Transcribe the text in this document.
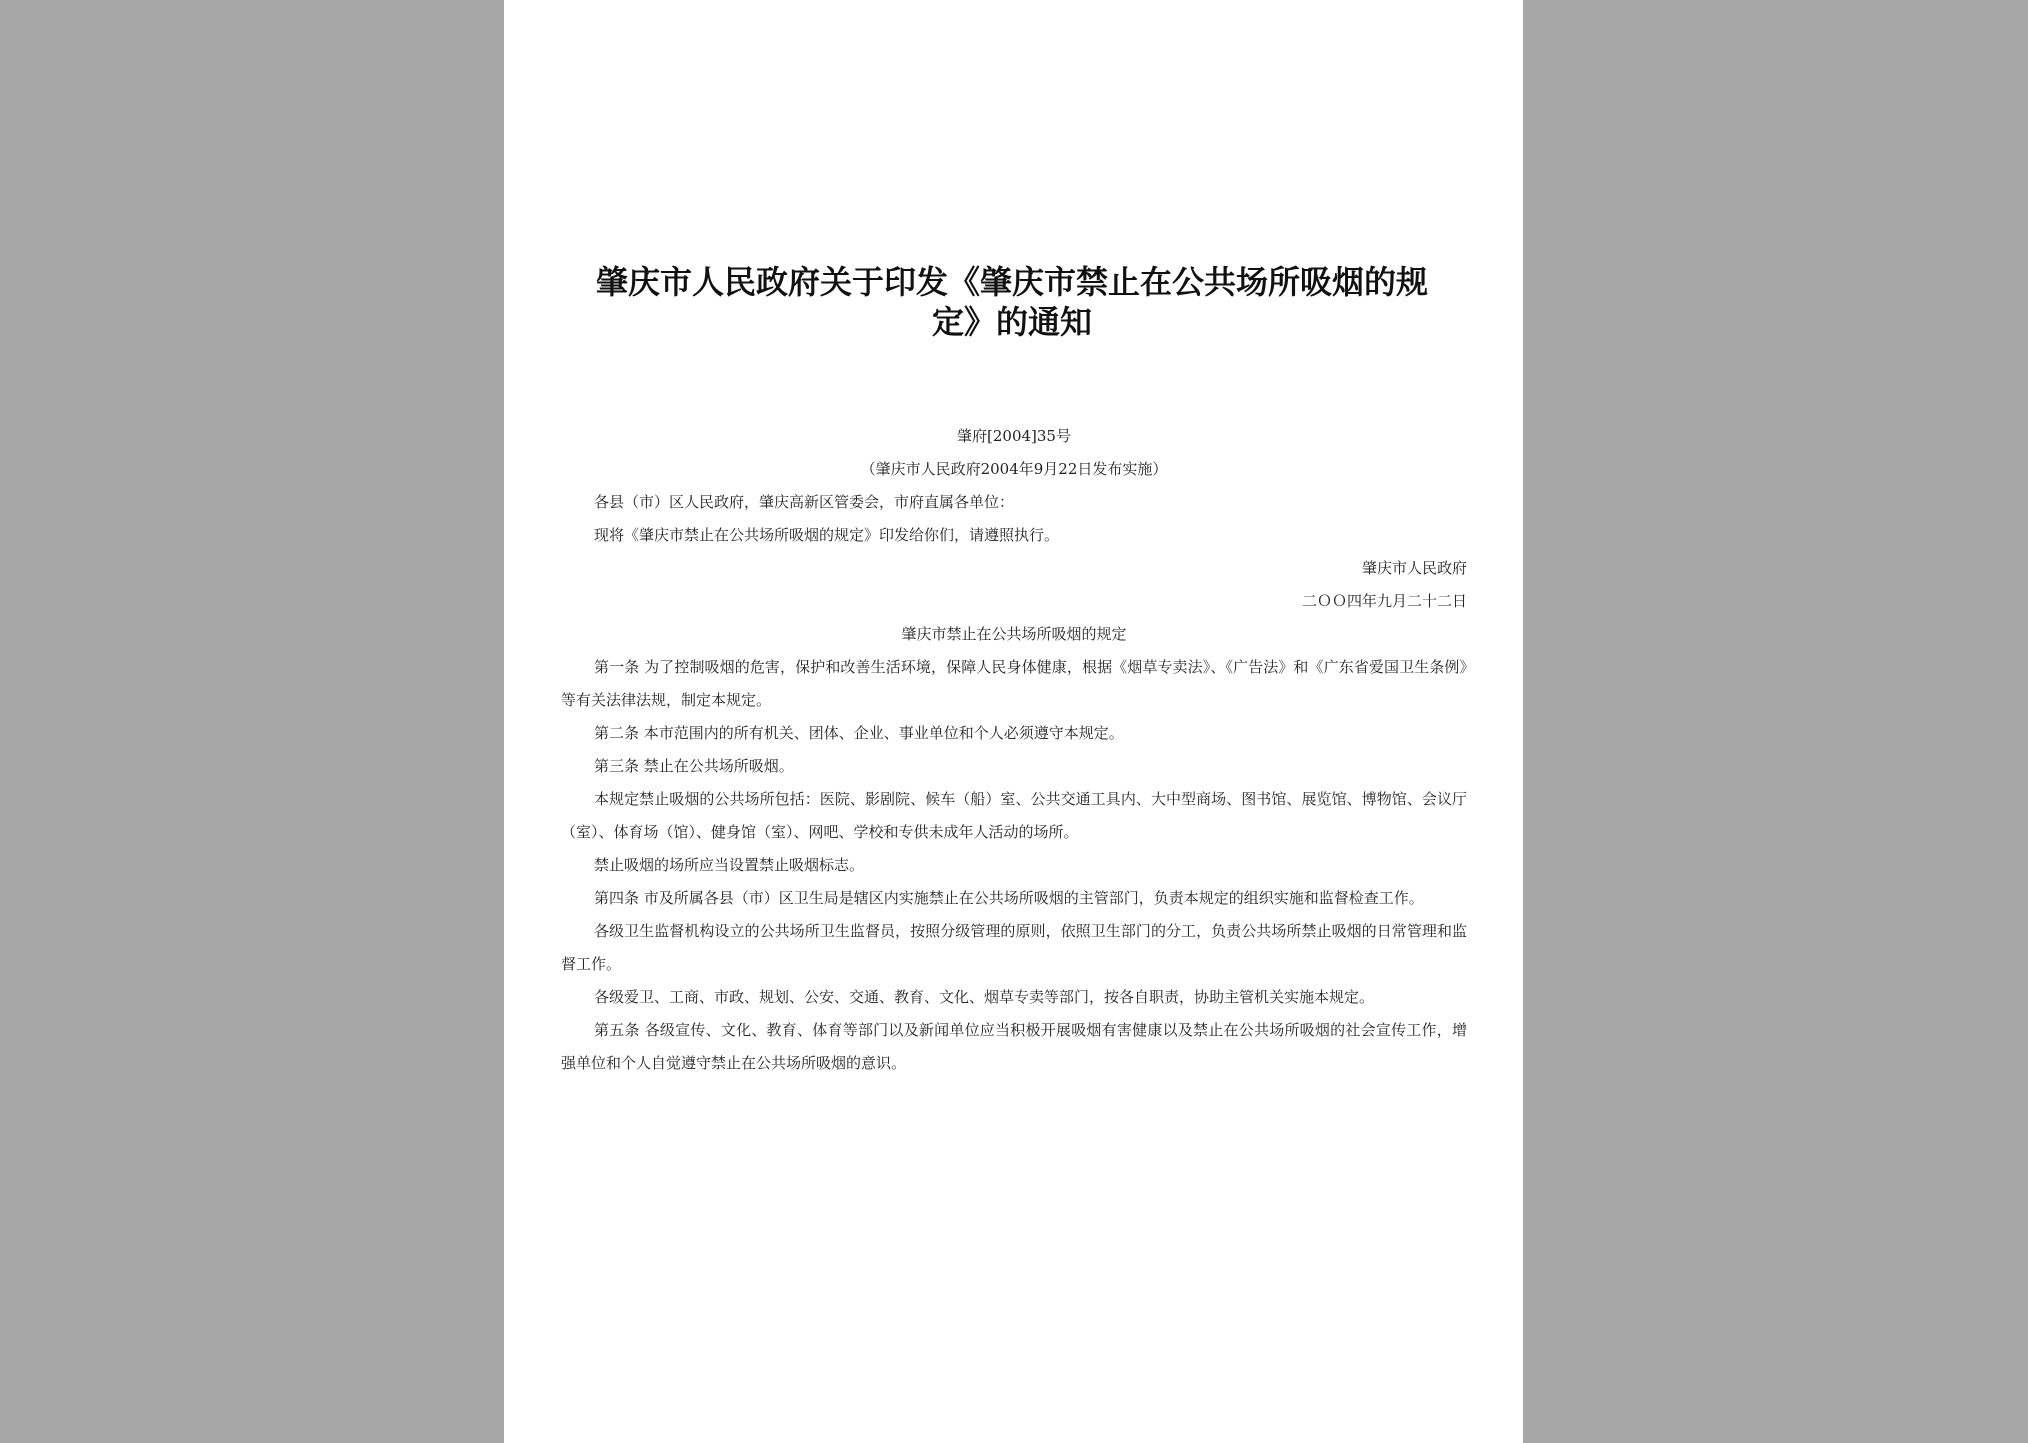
肇庆市人民政府关于印发《肇庆市禁止在公共场所吸烟的规定》的通知

肇府[2004]35号

（肇庆市人民政府2004年9月22日发布实施）

各县（市）区人民政府，肇庆高新区管委会，市府直属各单位：

现将《肇庆市禁止在公共场所吸烟的规定》印发给你们，请遵照执行。

肇庆市人民政府

二ＯＯ四年九月二十二日

肇庆市禁止在公共场所吸烟的规定

第一条 为了控制吸烟的危害，保护和改善生活环境，保障人民身体健康，根据《烟草专卖法》、《广告法》和《广东省爱国卫生条例》等有关法律法规，制定本规定。

第二条 本市范围内的所有机关、团体、企业、事业单位和个人必须遵守本规定。

第三条 禁止在公共场所吸烟。

本规定禁止吸烟的公共场所包括：医院、影剧院、候车（船）室、公共交通工具内、大中型商场、图书馆、展览馆、博物馆、会议厅（室）、体育场（馆）、健身馆（室）、网吧、学校和专供未成年人活动的场所。

禁止吸烟的场所应当设置禁止吸烟标志。

第四条 市及所属各县（市）区卫生局是辖区内实施禁止在公共场所吸烟的主管部门，负责本规定的组织实施和监督检查工作。

各级卫生监督机构设立的公共场所卫生监督员，按照分级管理的原则，依照卫生部门的分工，负责公共场所禁止吸烟的日常管理和监督工作。

各级爱卫、工商、市政、规划、公安、交通、教育、文化、烟草专卖等部门，按各自职责，协助主管机关实施本规定。

第五条 各级宣传、文化、教育、体育等部门以及新闻单位应当积极开展吸烟有害健康以及禁止在公共场所吸烟的社会宣传工作，增强单位和个人自觉遵守禁止在公共场所吸烟的意识。
